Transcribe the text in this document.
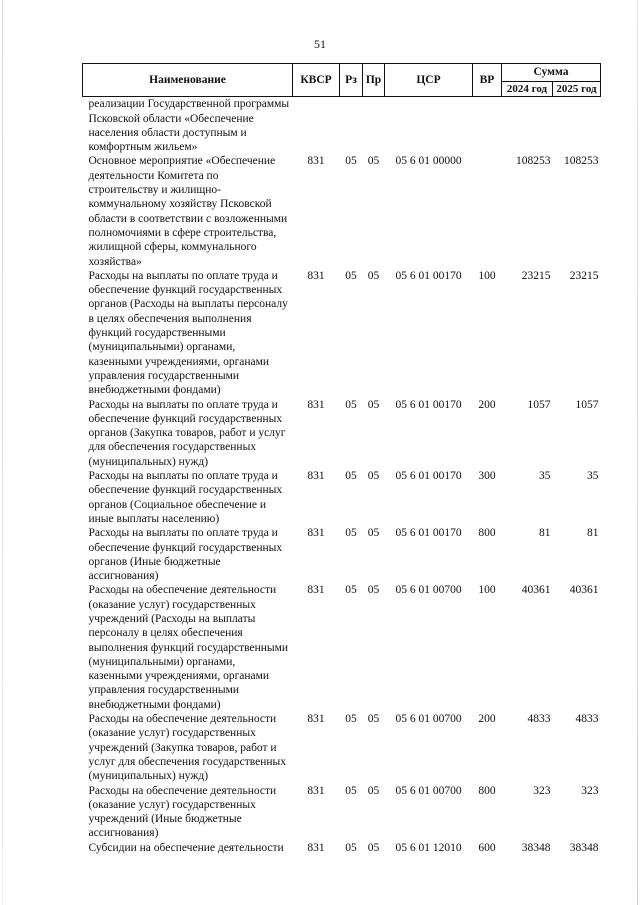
51
Наименование	КВСР	Рз	Пр	ЦСР	ВР	Сумма	
						2024 год	2025 год
реализации Государственной программы Псковской области «Обеспечение населения области доступным и комфортным жильем»							
Основное мероприятие «Обеспечение деятельности Комитета по строительству и жилищно-коммунальному хозяйству Псковской области в соответствии с возложенными полномочиями в сфере строительства, жилищной сферы, коммунального хозяйства»	831	05	05	05 6 01 00000		108253	108253
Расходы на выплаты по оплате труда и обеспечение функций государственных органов (Расходы на выплаты персоналу в целях обеспечения выполнения функций государственными (муниципальными) органами, казенными учреждениями, органами управления государственными внебюджетными фондами)	831	05	05	05 6 01 00170	100	23215	23215
Расходы на выплаты по оплате труда и обеспечение функций государственных органов (Закупка товаров, работ и услуг для обеспечения государственных (муниципальных) нужд)	831	05	05	05 6 01 00170	200	1057	1057
Расходы на выплаты по оплате труда и обеспечение функций государственных органов (Социальное обеспечение и иные выплаты населению)	831	05	05	05 6 01 00170	300	35	35
Расходы на выплаты по оплате труда и обеспечение функций государственных органов (Иные бюджетные ассигнования)	831	05	05	05 6 01 00170	800	81	81
Расходы на обеспечение деятельности (оказание услуг) государственных учреждений (Расходы на выплаты персоналу в целях обеспечения выполнения функций государственными (муниципальными) органами, казенными учреждениями, органами управления государственными внебюджетными фондами)	831	05	05	05 6 01 00700	100	40361	40361
Расходы на обеспечение деятельности (оказание услуг) государственных учреждений (Закупка товаров, работ и услуг для обеспечения государственных (муниципальных) нужд)	831	05	05	05 6 01 00700	200	4833	4833
Расходы на обеспечение деятельности (оказание услуг) государственных учреждений (Иные бюджетные ассигнования)	831	05	05	05 6 01 00700	800	323	323
Субсидии на обеспечение деятельности	831	05	05	05 6 01 12010	600	38348	38348
